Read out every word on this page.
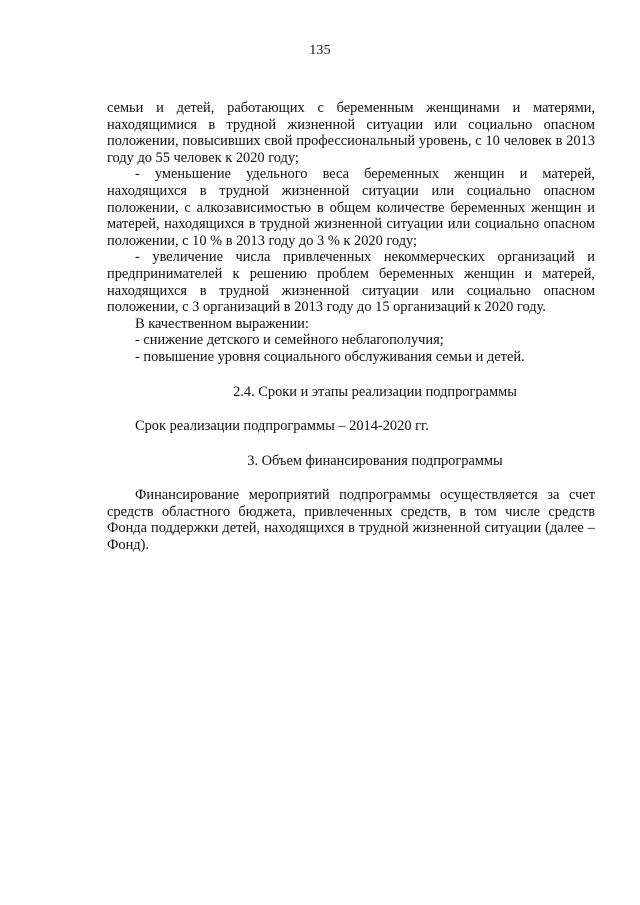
135

семьи и детей, работающих с беременным женщинами и матерями, находящимися в трудной жизненной ситуации или социально опасном положении, повысивших свой профессиональный уровень, с 10 человек в 2013 году до 55 человек к 2020 году;

- уменьшение удельного веса беременных женщин и матерей, находящихся в трудной жизненной ситуации или социально опасном положении, с алкозависимостью в общем количестве беременных женщин и матерей, находящихся в трудной жизненной ситуации или социально опасном положении, с 10 % в 2013 году до 3 % к 2020 году;

- увеличение числа привлеченных некоммерческих организаций и предпринимателей к решению проблем беременных женщин и матерей, находящихся в трудной жизненной ситуации или социально опасном положении, с 3 организаций в 2013 году до 15 организаций к 2020 году.

В качественном выражении:

- снижение детского и семейного неблагополучия;

- повышение уровня социального обслуживания семьи и детей.

2.4. Сроки и этапы реализации подпрограммы

Срок реализации подпрограммы – 2014-2020 гг.

3. Объем финансирования подпрограммы

Финансирование мероприятий подпрограммы осуществляется за счет средств областного бюджета, привлеченных средств, в том числе средств Фонда поддержки детей, находящихся в трудной жизненной ситуации (далее – Фонд).
